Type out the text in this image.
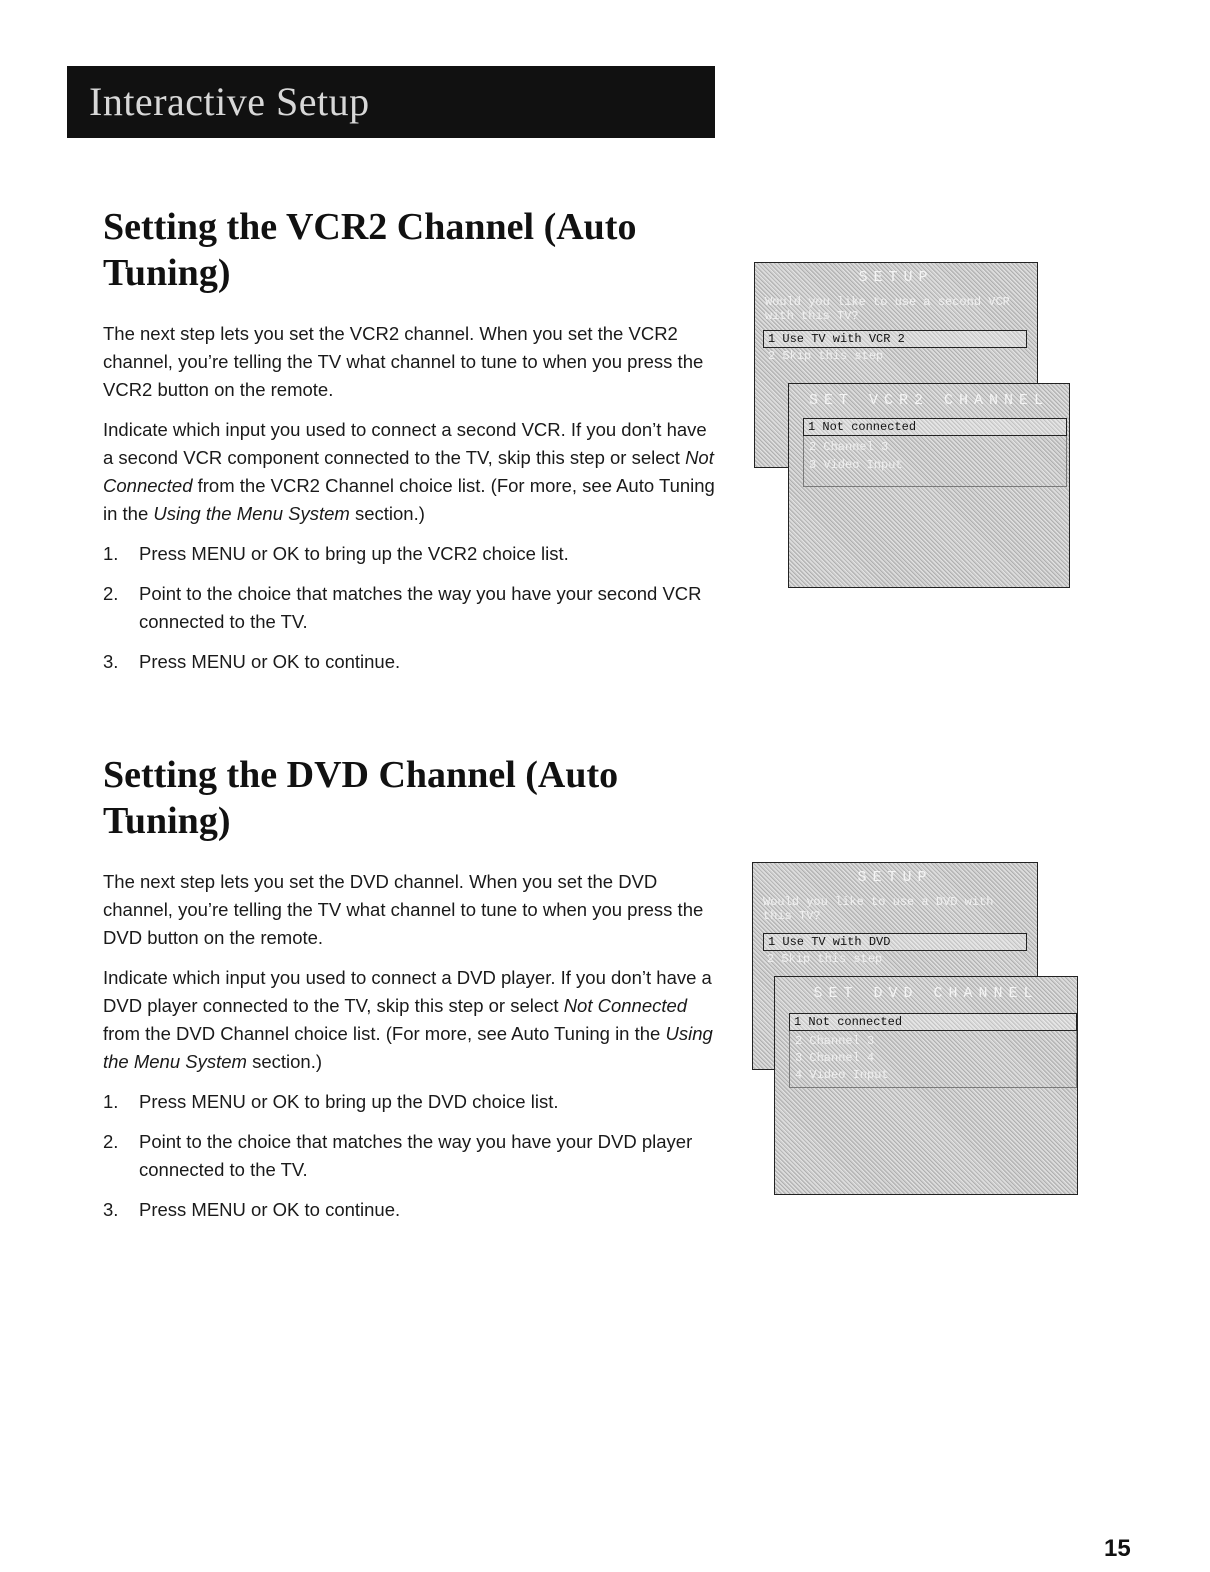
Interactive Setup
Setting the VCR2 Channel (Auto
Tuning)

The next step lets you set the VCR2 channel. When you set the VCR2 channel, you’re telling the TV what channel to tune to when you press the VCR2 button on the remote.

Indicate which input you used to connect a second VCR. If you don’t have a second VCR component connected to the TV, skip this step or select Not Connected from the VCR2 Channel choice list. (For more, see Auto Tuning in the Using the Menu System section.)

1. Press MENU or OK to bring up the VCR2 choice list.
2. Point to the choice that matches the way you have your second VCR connected to the TV.
3. Press MENU or OK to continue.
SETUP
Would you like to use a second VCR with this TV?
1 Use TV with VCR 2
2 Skip this step
SET VCR2 CHANNEL
1 Not connected
2 Channel 3
3 Video Input
Setting the DVD Channel (Auto
Tuning)

The next step lets you set the DVD channel. When you set the DVD channel, you’re telling the TV what channel to tune to when you press the DVD button on the remote.

Indicate which input you used to connect a DVD player. If you don’t have a DVD player connected to the TV, skip this step or select Not Connected from the DVD Channel choice list. (For more, see Auto Tuning in the Using the Menu System section.)

1. Press MENU or OK to bring up the DVD choice list.
2. Point to the choice that matches the way you have your DVD player connected to the TV.
3. Press MENU or OK to continue.
SETUP
Would you like to use a DVD with this TV?
1 Use TV with DVD
2 Skip this step
SET DVD CHANNEL
1 Not connected
2 Channel 3
3 Channel 4
4 Video Input
15
